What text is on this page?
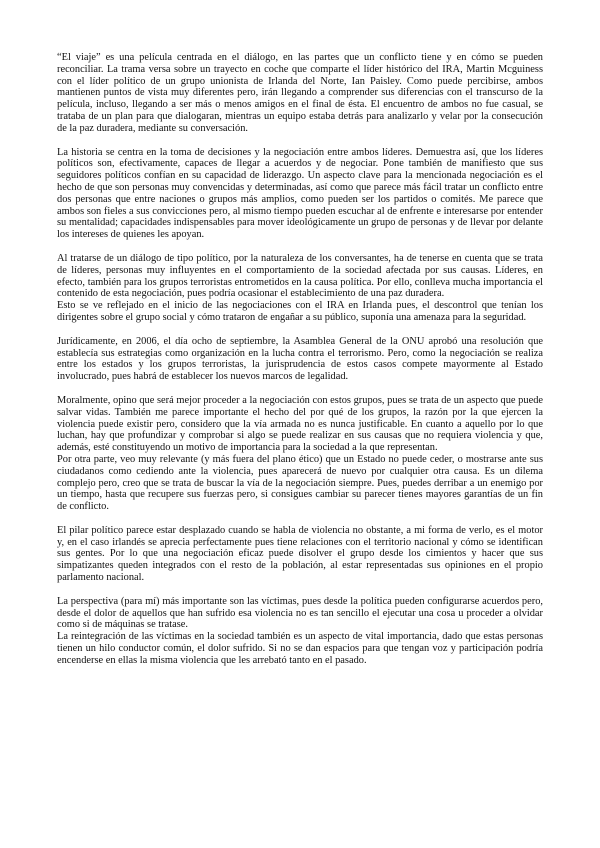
“El viaje” es una película centrada en el diálogo, en las partes que un conflicto tiene y en cómo se pueden reconciliar. La trama versa sobre un trayecto en coche que comparte el líder histórico del IRA, Martin Mcguiness con el líder político de un grupo unionista de Irlanda del Norte, Ian Paisley. Como puede percibirse, ambos mantienen puntos de vista muy diferentes pero, irán llegando a comprender sus diferencias con el transcurso de la película, incluso, llegando a ser más o menos amigos en el final de ésta. El encuentro de ambos no fue casual, se trataba de un plan para que dialogaran, mientras un equipo estaba detrás para analizarlo y velar por la consecución de la paz duradera, mediante su conversación.

La historia se centra en la toma de decisiones y la negociación entre ambos líderes. Demuestra así, que los líderes políticos son, efectivamente, capaces de llegar a acuerdos y de negociar. Pone también de manifiesto que sus seguidores políticos confían en su capacidad de liderazgo. Un aspecto clave para la mencionada negociación es el hecho de que son personas muy convencidas y determinadas, así como que parece más fácil tratar un conflicto entre dos personas que entre naciones o grupos más amplios, como pueden ser los partidos o comités. Me parece que ambos son fieles a sus convicciones pero, al mismo tiempo pueden escuchar al de enfrente e interesarse por entender su mentalidad; capacidades indispensables para mover ideológicamente un grupo de personas y de llevar por delante los intereses de quienes les apoyan.

Al tratarse de un diálogo de tipo político, por la naturaleza de los conversantes, ha de tenerse en cuenta que se trata de líderes, personas muy influyentes en el comportamiento de la sociedad afectada por sus causas. Líderes, en efecto, también para los grupos terroristas entrometidos en la causa política. Por ello, conlleva mucha importancia el contenido de esta negociación, pues podría ocasionar el establecimiento de una paz duradera.

Esto se ve reflejado en el inicio de las negociaciones con el IRA en Irlanda pues, el descontrol que tenían los dirigentes sobre el grupo social y cómo trataron de engañar a su público, suponía una amenaza para la seguridad.

Jurídicamente, en 2006, el día ocho de septiembre, la Asamblea General de la ONU aprobó una resolución que establecía sus estrategias como organización en la lucha contra el terrorismo. Pero, como la negociación se realiza entre los estados y los grupos terroristas, la jurisprudencia de estos casos compete mayormente al Estado involucrado, pues habrá de establecer los nuevos marcos de legalidad.

Moralmente, opino que será mejor proceder a la negociación con estos grupos, pues se trata de un aspecto que puede salvar vidas. También me parece importante el hecho del por qué de los grupos, la razón por la que ejercen la violencia puede existir pero, considero que la vía armada no es nunca justificable. En cuanto a aquello por lo que luchan, hay que profundizar y comprobar si algo se puede realizar en sus causas que no requiera violencia y que, además, esté constituyendo un motivo de importancia para la sociedad a la que representan.

Por otra parte, veo muy relevante (y más fuera del plano ético) que un Estado no puede ceder, o mostrarse ante sus ciudadanos como cediendo ante la violencia, pues aparecerá de nuevo por cualquier otra causa. Es un dilema complejo pero, creo que se trata de buscar la vía de la negociación siempre. Pues, puedes derribar a un enemigo por un tiempo, hasta que recupere sus fuerzas pero, si consigues cambiar su parecer tienes mayores garantías de un fin de conflicto.

El pilar político parece estar desplazado cuando se habla de violencia no obstante, a mi forma de verlo, es el motor y, en el caso irlandés se aprecia perfectamente pues tiene relaciones con el territorio nacional y cómo se identifican sus gentes. Por lo que una negociación eficaz puede disolver el grupo desde los cimientos y hacer que sus simpatizantes queden integrados con el resto de la población, al estar representadas sus opiniones en el propio parlamento nacional.

La perspectiva (para mí) más importante son las víctimas, pues desde la política pueden configurarse acuerdos pero, desde el dolor de aquellos que han sufrido esa violencia no es tan sencillo el ejecutar una cosa u proceder a olvidar como si de máquinas se tratase.

La reintegración de las víctimas en la sociedad también es un aspecto de vital importancia, dado que estas personas tienen un hilo conductor común, el dolor sufrido. Si no se dan espacios para que tengan voz y participación podría encenderse en ellas la misma violencia que les arrebató tanto en el pasado.
